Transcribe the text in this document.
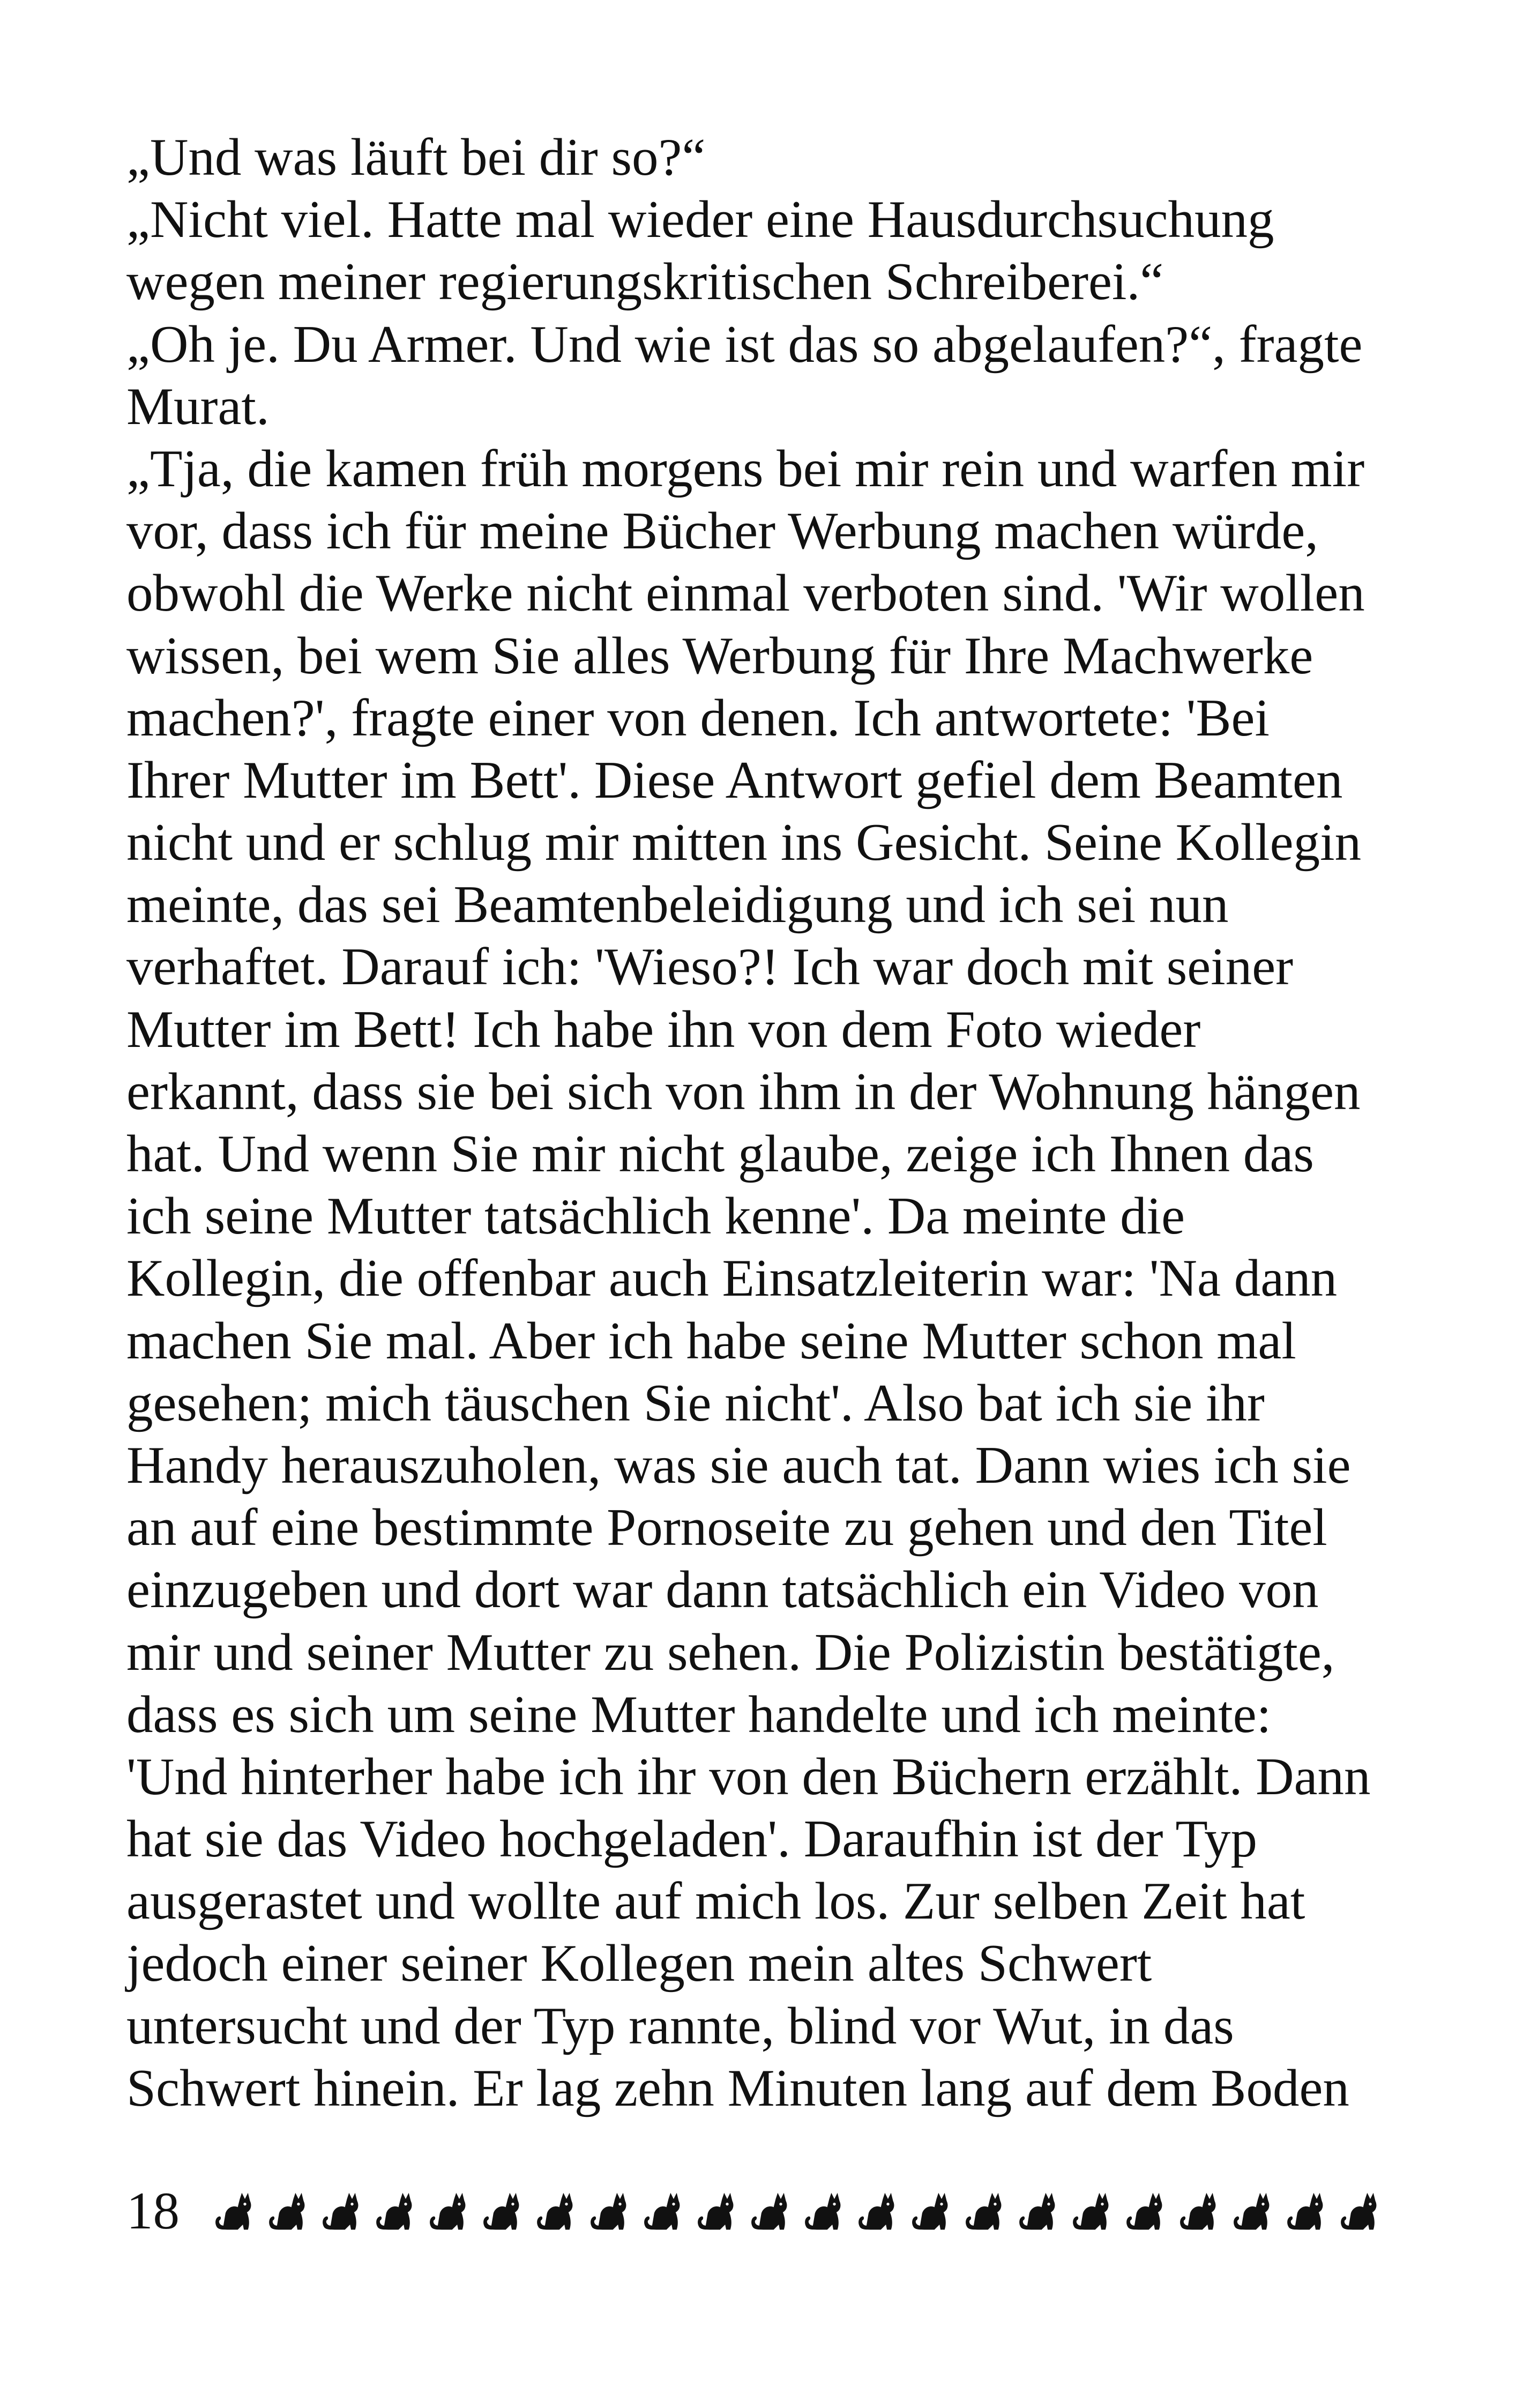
„Und was läuft bei dir so?“
„Nicht viel. Hatte mal wieder eine Hausdurchsuchung
wegen meiner regierungskritischen Schreiberei.“
„Oh je. Du Armer. Und wie ist das so abgelaufen?“, fragte
Murat.
„Tja, die kamen früh morgens bei mir rein und warfen mir
vor, dass ich für meine Bücher Werbung machen würde,
obwohl die Werke nicht einmal verboten sind. 'Wir wollen
wissen, bei wem Sie alles Werbung für Ihre Machwerke
machen?', fragte einer von denen. Ich antwortete: 'Bei
Ihrer Mutter im Bett'. Diese Antwort gefiel dem Beamten
nicht und er schlug mir mitten ins Gesicht. Seine Kollegin
meinte, das sei Beamtenbeleidigung und ich sei nun
verhaftet. Darauf ich: 'Wieso?! Ich war doch mit seiner
Mutter im Bett! Ich habe ihn von dem Foto wieder
erkannt, dass sie bei sich von ihm in der Wohnung hängen
hat. Und wenn Sie mir nicht glaube, zeige ich Ihnen das
ich seine Mutter tatsächlich kenne'. Da meinte die
Kollegin, die offenbar auch Einsatzleiterin war: 'Na dann
machen Sie mal. Aber ich habe seine Mutter schon mal
gesehen; mich täuschen Sie nicht'. Also bat ich sie ihr
Handy herauszuholen, was sie auch tat. Dann wies ich sie
an auf eine bestimmte Pornoseite zu gehen und den Titel
einzugeben und dort war dann tatsächlich ein Video von
mir und seiner Mutter zu sehen. Die Polizistin bestätigte,
dass es sich um seine Mutter handelte und ich meinte:
'Und hinterher habe ich ihr von den Büchern erzählt. Dann
hat sie das Video hochgeladen'. Daraufhin ist der Typ
ausgerastet und wollte auf mich los. Zur selben Zeit hat
jedoch einer seiner Kollegen mein altes Schwert
untersucht und der Typ rannte, blind vor Wut, in das
Schwert hinein. Er lag zehn Minuten lang auf dem Boden
18
